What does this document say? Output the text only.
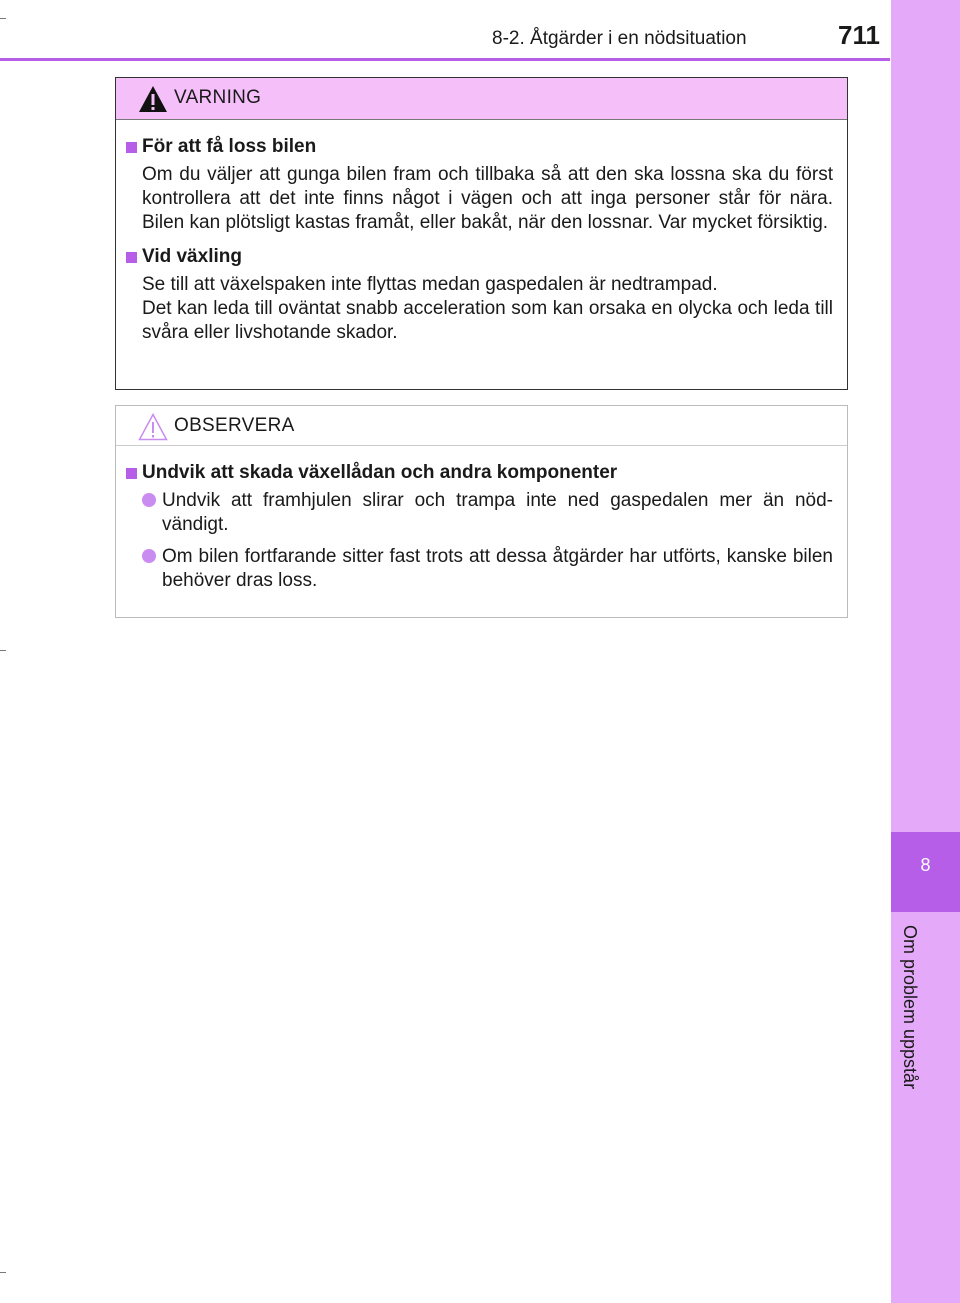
8-2. Åtgärder i en nödsituation	711
8
Om problem uppstår
VARNING
För att få loss bilen

Om du väljer att gunga bilen fram och tillbaka så att den ska lossna ska du först kontrollera att det inte finns något i vägen och att inga personer står för nära. Bilen kan plötsligt kastas framåt, eller bakåt, när den lossnar. Var mycket försiktig.

Vid växling

Se till att växelspaken inte flyttas medan gaspedalen är nedtrampad.

Det kan leda till oväntat snabb acceleration som kan orsaka en olycka och leda till svåra eller livshotande skador.

OBSERVERA
Undvik att skada växellådan och andra komponenter
Undvik att framhjulen slirar och trampa inte ned gaspedalen mer än nöd-vändigt.
Om bilen fortfarande sitter fast trots att dessa åtgärder har utförts, kanske bilen behöver dras loss.
